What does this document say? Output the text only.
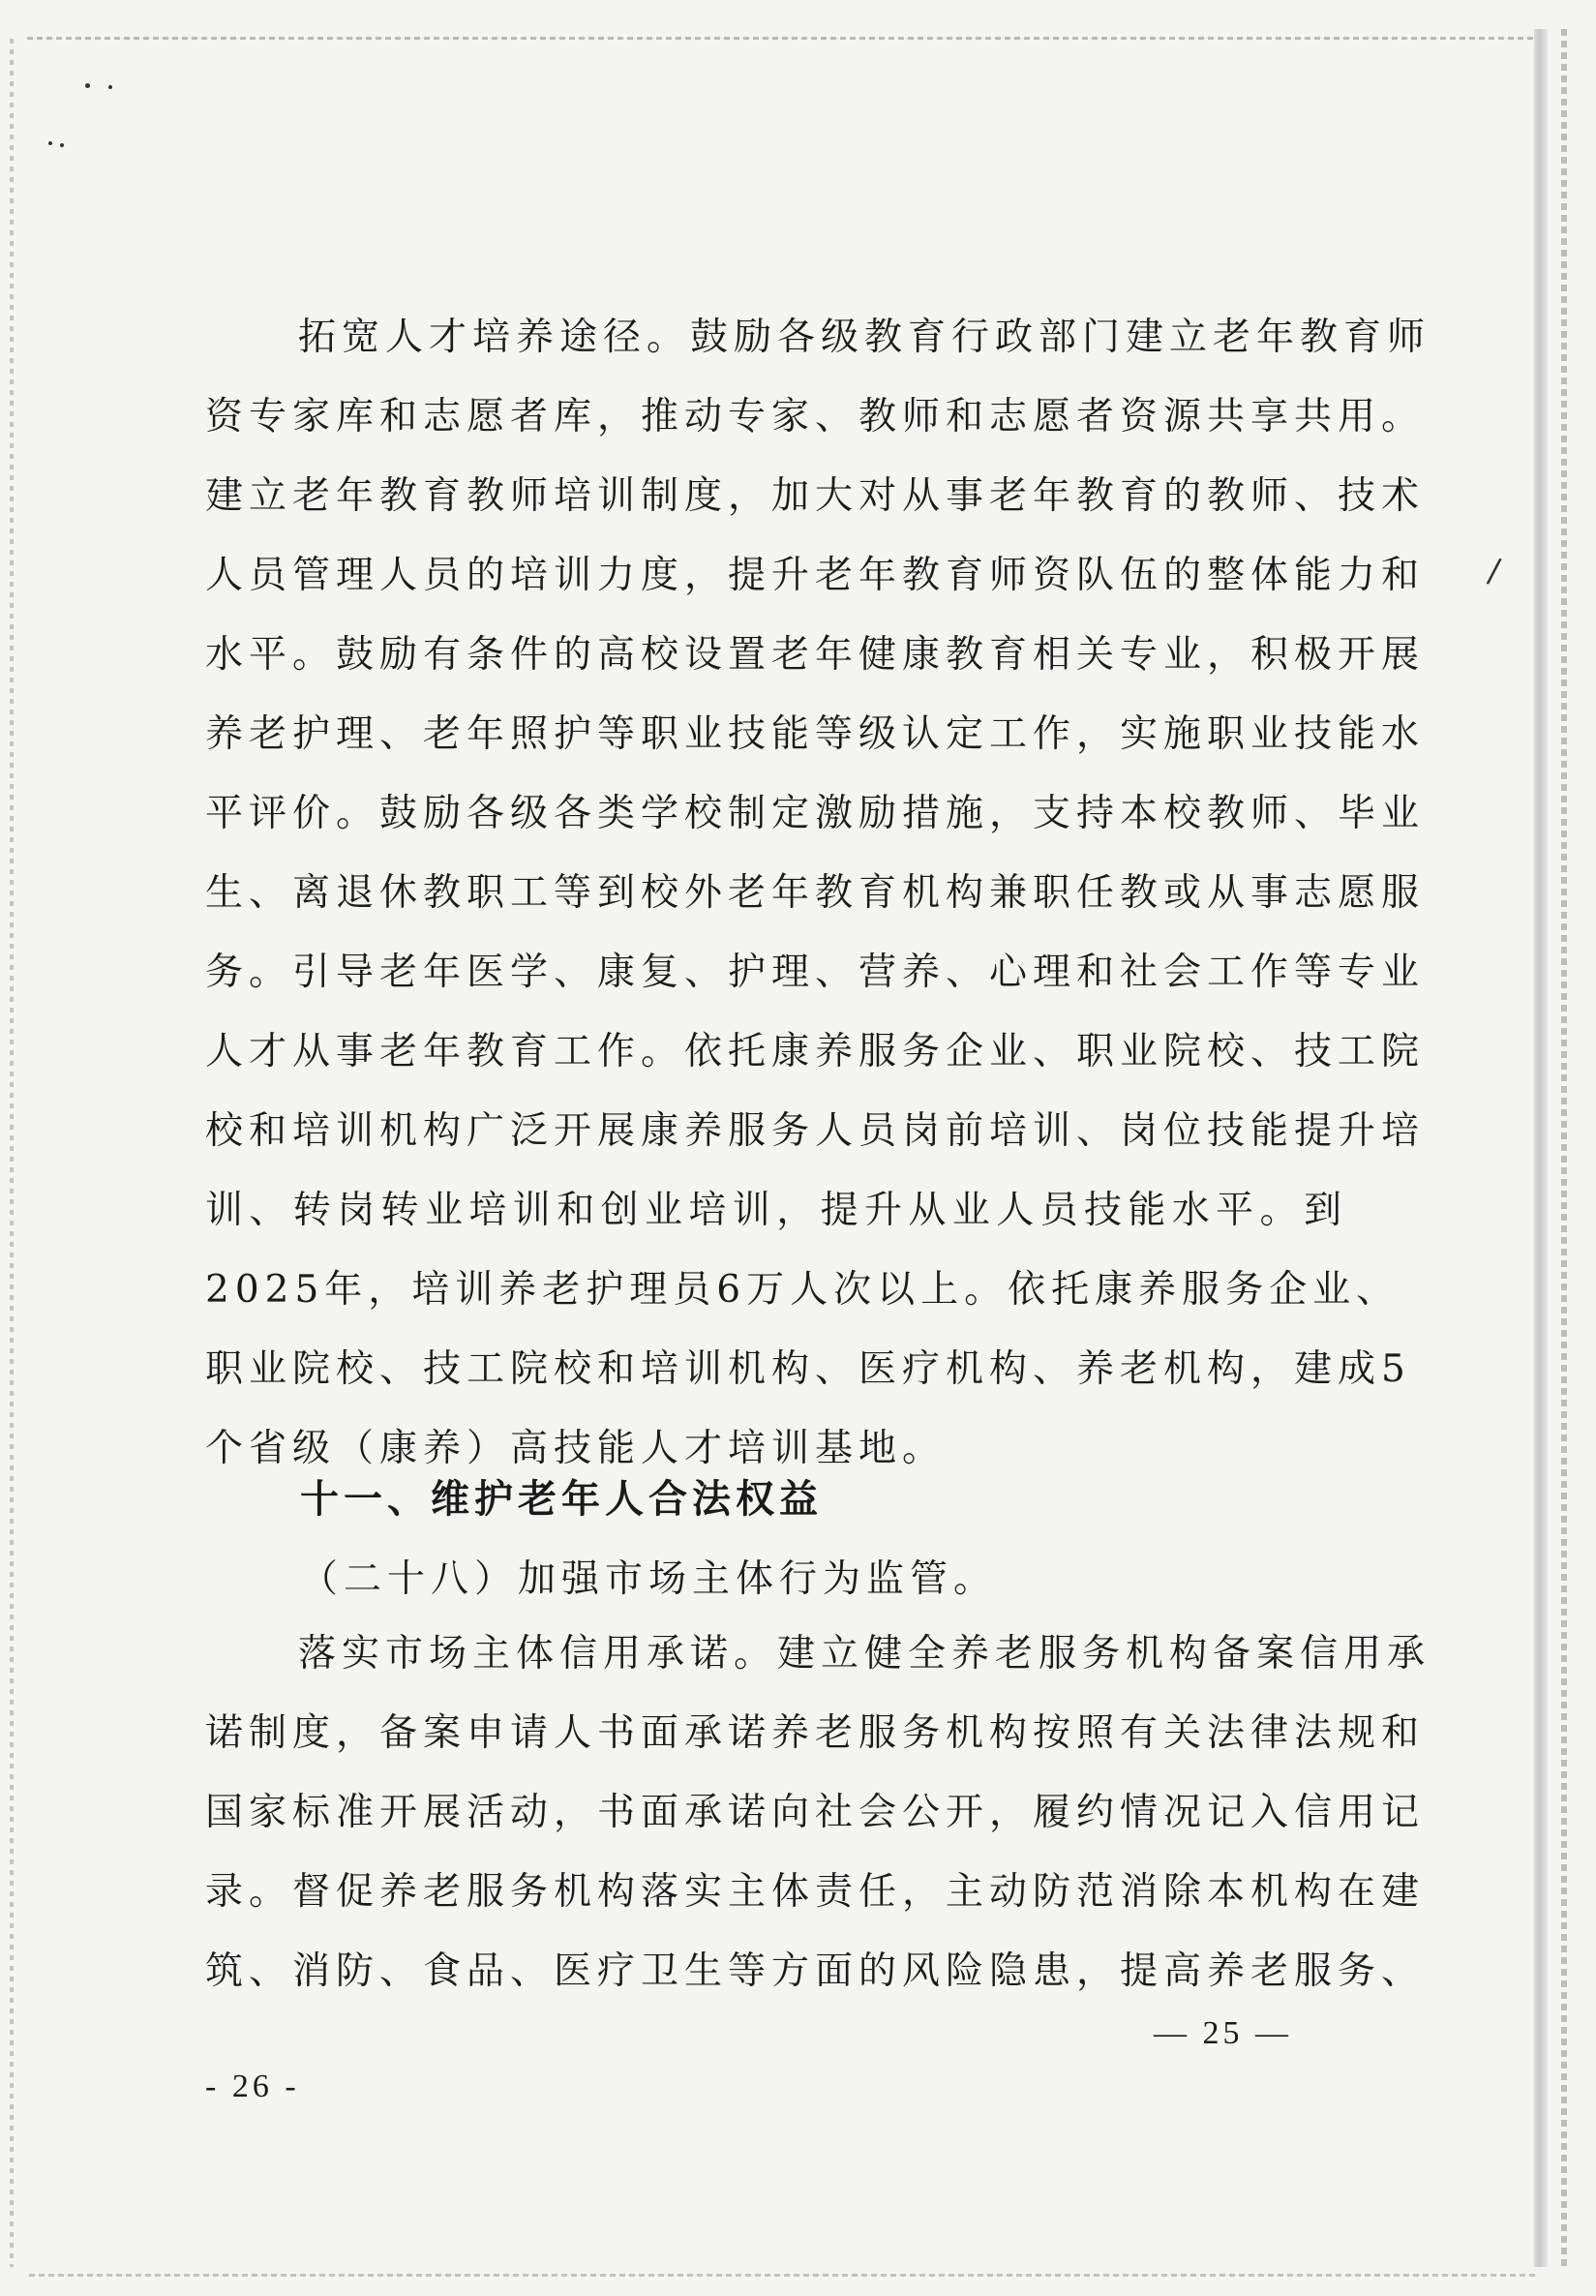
/
拓宽人才培养途径。鼓励各级教育行政部门建立老年教育师
资专家库和志愿者库，推动专家、教师和志愿者资源共享共用。
建立老年教育教师培训制度，加大对从事老年教育的教师、技术
人员管理人员的培训力度，提升老年教育师资队伍的整体能力和
水平。鼓励有条件的高校设置老年健康教育相关专业，积极开展
养老护理、老年照护等职业技能等级认定工作，实施职业技能水
平评价。鼓励各级各类学校制定激励措施，支持本校教师、毕业
生、离退休教职工等到校外老年教育机构兼职任教或从事志愿服
务。引导老年医学、康复、护理、营养、心理和社会工作等专业
人才从事老年教育工作。依托康养服务企业、职业院校、技工院
校和培训机构广泛开展康养服务人员岗前培训、岗位技能提升培
训、转岗转业培训和创业培训，提升从业人员技能水平。到
2025年，培训养老护理员6万人次以上。依托康养服务企业、
职业院校、技工院校和培训机构、医疗机构、养老机构，建成5
个省级（康养）高技能人才培训基地。
十一、维护老年人合法权益
（二十八）加强市场主体行为监管。
落实市场主体信用承诺。建立健全养老服务机构备案信用承
诺制度，备案申请人书面承诺养老服务机构按照有关法律法规和
国家标准开展活动，书面承诺向社会公开，履约情况记入信用记
录。督促养老服务机构落实主体责任，主动防范消除本机构在建
筑、消防、食品、医疗卫生等方面的风险隐患，提高养老服务、
— 25 —
- 26 -
